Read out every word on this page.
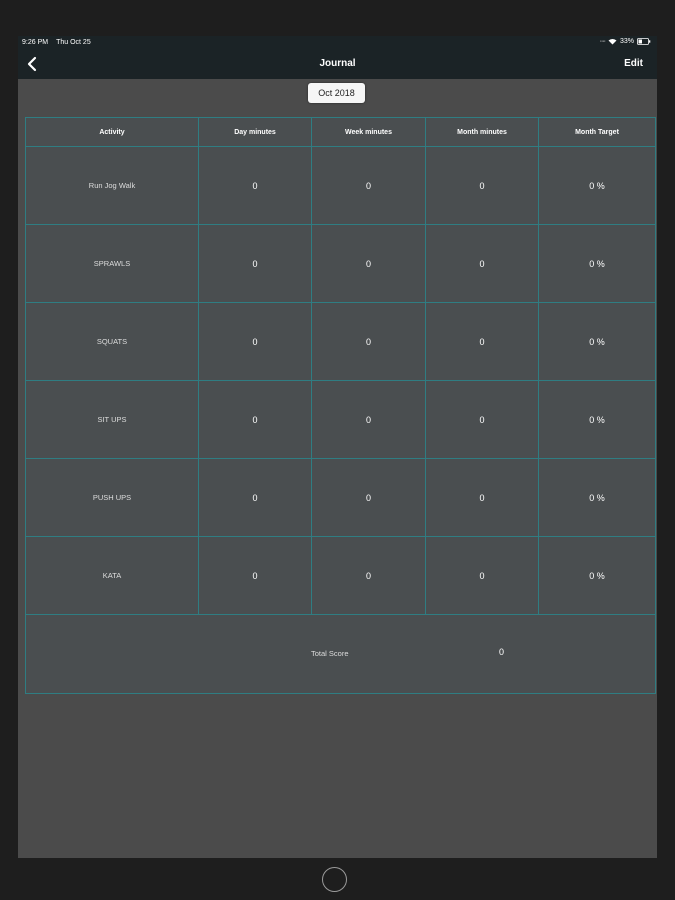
9:26 PM Thu Oct 25	···· 33%
Journal	Edit
Oct 2018
Activity	Day minutes	Week minutes	Month minutes	Month Target
Run Jog Walk	0	0	0	0 %
SPRAWLS	0	0	0	0 %
SQUATS	0	0	0	0 %
SIT UPS	0	0	0	0 %
PUSH UPS	0	0	0	0 %
KATA	0	0	0	0 %

Total Score 0				
